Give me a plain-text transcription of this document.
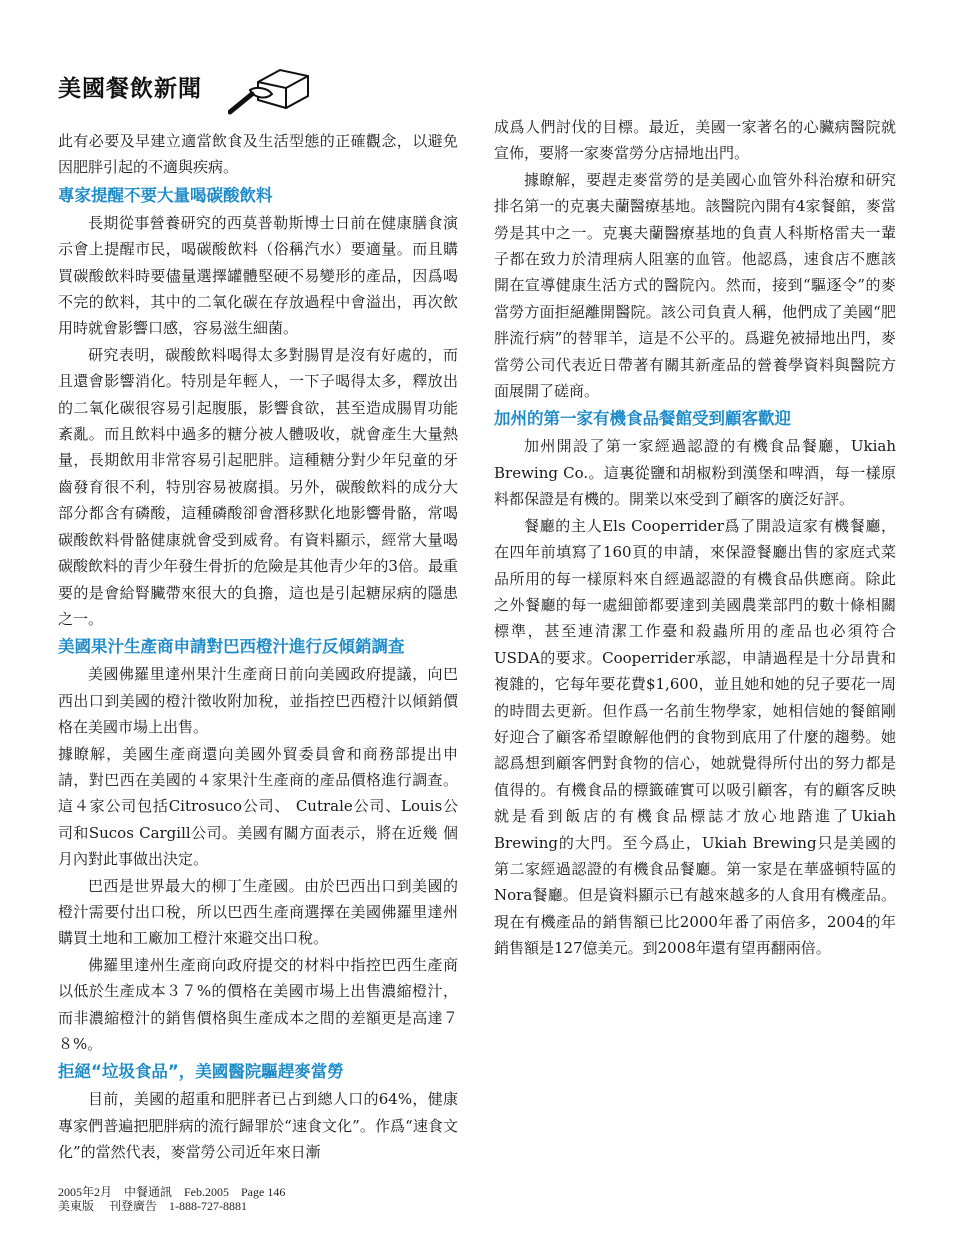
美國餐飲新聞

此有必要及早建立適當飲食及生活型態的正確觀念，以避免因肥胖引起的不適與疾病。

專家提醒不要大量喝碳酸飲料

長期從事營養研究的西莫普勒斯博士日前在健康膳食演示會上提醒市民，喝碳酸飲料（俗稱汽水）要適量。而且購買碳酸飲料時要儘量選擇罐體堅硬不易變形的產品，因爲喝不完的飲料，其中的二氧化碳在存放過程中會溢出，再次飲用時就會影響口感，容易滋生細菌。

研究表明，碳酸飲料喝得太多對腸胃是沒有好處的，而且還會影響消化。特別是年輕人，一下子喝得太多，釋放出的二氧化碳很容易引起腹脹，影響食欲，甚至造成腸胃功能紊亂。而且飲料中過多的糖分被人體吸收，就會產生大量熱量，長期飲用非常容易引起肥胖。這種糖分對少年兒童的牙齒發育很不利，特別容易被腐損。另外，碳酸飲料的成分大部分都含有磷酸，這種磷酸卻會潛移默化地影響骨骼，常喝碳酸飲料骨骼健康就會受到威脅。有資料顯示，經常大量喝碳酸飲料的青少年發生骨折的危險是其他青少年的3倍。最重要的是會給腎臟帶來很大的負擔，這也是引起糖尿病的隱患之一。

美國果汁生產商申請對巴西橙汁進行反傾銷調查

美國佛羅里達州果汁生產商日前向美國政府提議，向巴西出口到美國的橙汁徵收附加稅，並指控巴西橙汁以傾銷價格在美國市場上出售。

據瞭解，美國生產商還向美國外貿委員會和商務部提出申請，對巴西在美國的４家果汁生產商的產品價格進行調查。這４家公司包括Citrosuco公司、 Cutrale公司、Louis公司和Sucos Cargill公司。美國有關方面表示，將在近幾 個月內對此事做出決定。

巴西是世界最大的柳丁生產國。由於巴西出口到美國的橙汁需要付出口稅，所以巴西生產商選擇在美國佛羅里達州購買土地和工廠加工橙汁來避交出口稅。

佛羅里達州生產商向政府提交的材料中指控巴西生產商以低於生產成本３７%的價格在美國市場上出售濃縮橙汁，而非濃縮橙汁的銷售價格與生產成本之間的差額更是高達７８%。

拒絕“垃圾食品”，美國醫院驅趕麥當勞

目前，美國的超重和肥胖者已占到總人口的64%，健康專家們普遍把肥胖病的流行歸罪於“速食文化”。作爲“速食文化”的當然代表，麥當勞公司近年來日漸

成爲人們討伐的目標。最近，美國一家著名的心臟病醫院就宣佈，要將一家麥當勞分店掃地出門。

據瞭解，要趕走麥當勞的是美國心血管外科治療和研究排名第一的克裏夫蘭醫療基地。該醫院內開有4家餐館，麥當勞是其中之一。克裏夫蘭醫療基地的負責人科斯格雷夫一輩子都在致力於清理病人阻塞的血管。他認爲，速食店不應該開在宣導健康生活方式的醫院內。然而，接到“驅逐令”的麥當勞方面拒絕離開醫院。該公司負責人稱，他們成了美國“肥胖流行病”的替罪羊，這是不公平的。爲避免被掃地出門，麥當勞公司代表近日帶著有關其新產品的營養學資料與醫院方面展開了磋商。

加州的第一家有機食品餐館受到顧客歡迎

加州開設了第一家經過認證的有機食品餐廳，Ukiah Brewing Co.。這裏從鹽和胡椒粉到漢堡和啤酒，每一樣原料都保證是有機的。開業以來受到了顧客的廣泛好評。

餐廳的主人Els Cooperrider爲了開設這家有機餐廳，在四年前填寫了160頁的申請，來保證餐廳出售的家庭式菜品所用的每一樣原料來自經過認證的有機食品供應商。除此之外餐廳的每一處細節都要達到美國農業部門的數十條相關標準，甚至連清潔工作臺和殺蟲所用的產品也必須符合USDA的要求。Cooperrider承認，申請過程是十分昂貴和複雜的，它每年要花費$1,600，並且她和她的兒子要花一周的時間去更新。但作爲一名前生物學家，她相信她的餐館剛好迎合了顧客希望瞭解他們的食物到底用了什麼的趨勢。她認爲想到顧客們對食物的信心，她就覺得所付出的努力都是值得的。有機食品的標籤確實可以吸引顧客，有的顧客反映就是看到飯店的有機食品標誌才放心地踏進了Ukiah Brewing的大門。至今爲止，Ukiah Brewing只是美國的第二家經過認證的有機食品餐廳。第一家是在華盛頓特區的Nora餐廳。但是資料顯示已有越來越多的人食用有機產品。現在有機產品的銷售額已比2000年番了兩倍多，2004的年銷售額是127億美元。到2008年還有望再翻兩倍。

2005年2月　中餐通訊　Feb.2005　Page 146
美東版　 刊登廣告　1-888-727-8881
